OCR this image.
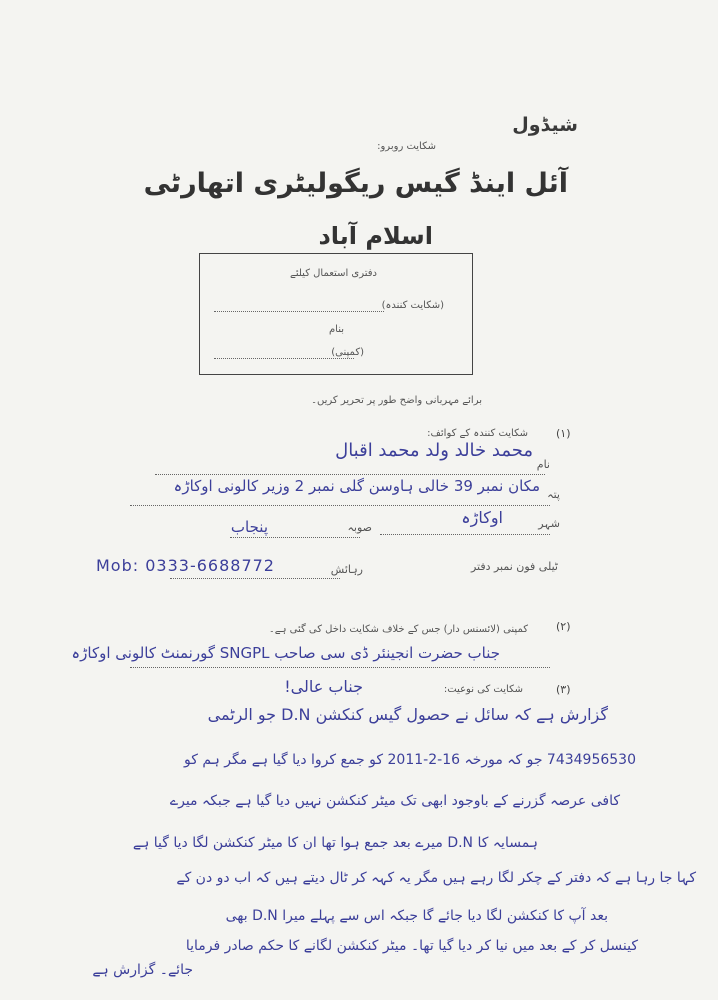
شیڈول
شکایت روبرو:
آئل اینڈ گیس ریگولیٹری اتھارٹی
اسلام آباد
دفتری استعمال کیلئے
(شکایت کنندہ)
بنام
(کمپنی)
برائے مہربانی واضح طور پر تحریر کریں۔
(۱)
شکایت کنندہ کے کوائف:
نام
محمد خالد ولد محمد اقبال
پتہ
مکان نمبر 39 خالی ہاوسن گلی نمبر 2 وزیر کالونی اوکاڑہ
شہر
اوکاڑہ
صوبہ
پنجاب
ٹیلی فون نمبر دفتر
Mob: 0333-6688772	رہائش
(۲)
کمپنی (لائسنس دار) جس کے خلاف شکایت داخل کی گئی ہے۔
جناب حضرت انجینئر ڈی سی صاحب SNGPL گورنمنٹ کالونی اوکاڑہ
(۳)
شکایت کی نوعیت:
جناب عالی!
گزارش ہے کہ سائل نے حصول گیس کنکشن D.N جو الرٹمی
7434956530 جو کہ مورخہ 16-2-2011 کو جمع کروا دیا گیا ہے مگر ہم کو
کافی عرصہ گزرنے کے باوجود ابھی تک میٹر کنکشن نہیں دیا گیا ہے جبکہ میرے
ہمسایہ کا D.N میرے بعد جمع ہوا تھا ان کا میٹر کنکشن لگا دیا گیا ہے
کہا جا رہا ہے کہ دفتر کے چکر لگا رہے ہیں مگر یہ کہہ کر ٹال دیتے ہیں کہ اب دو دن کے
بعد آپ کا کنکشن لگا دیا جائے گا جبکہ اس سے پہلے میرا D.N بھی
کینسل کر کے بعد میں نیا کر دیا گیا تھا۔ میٹر کنکشن لگانے کا حکم صادر فرمایا
جائے۔ گزارش ہے
